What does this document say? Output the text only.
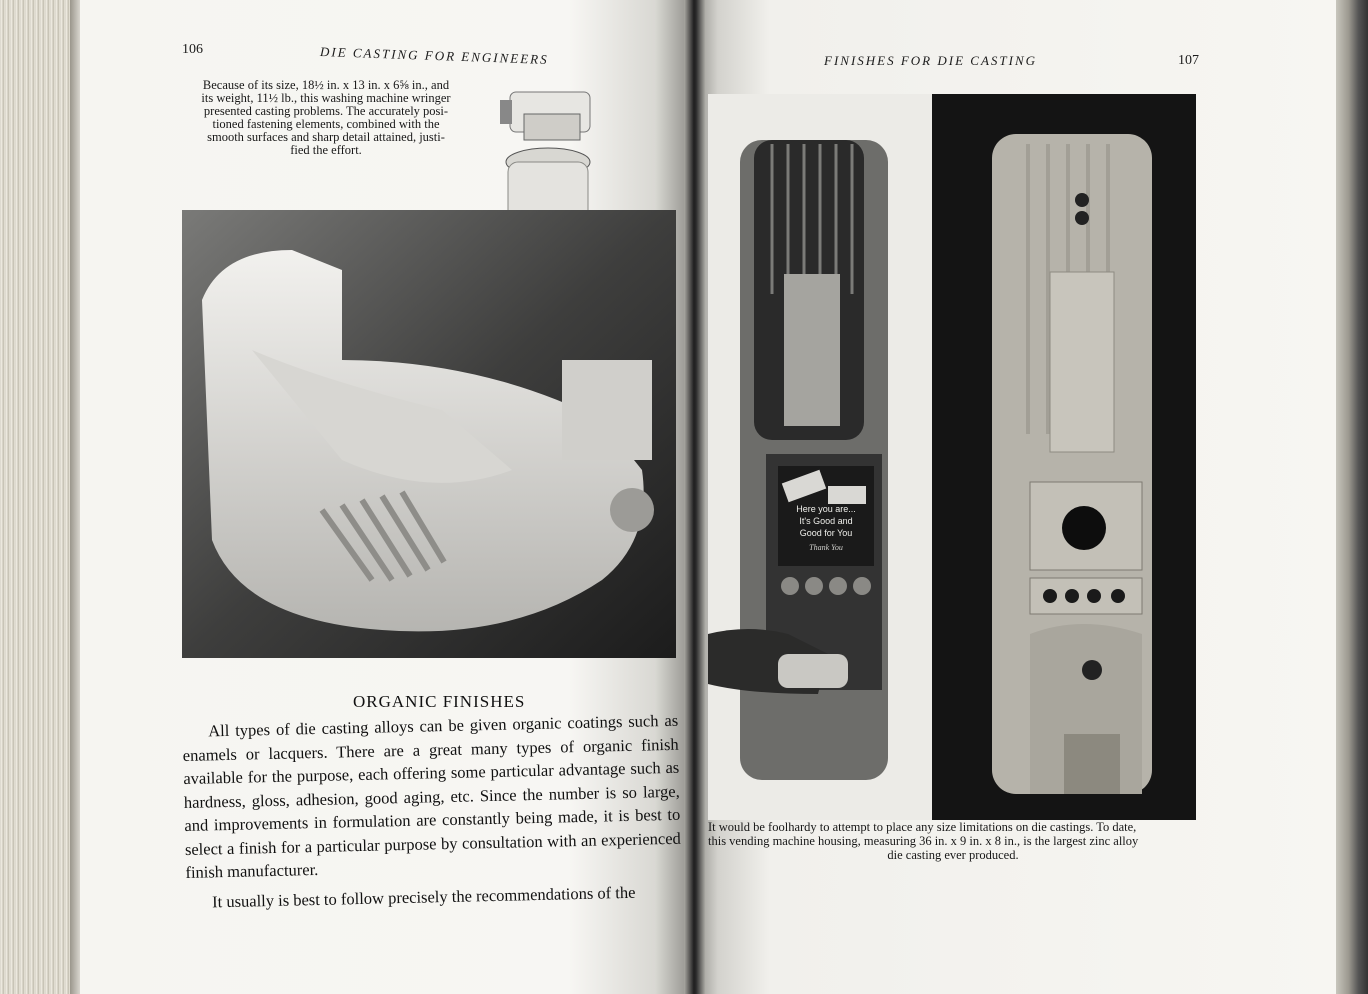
106	DIE CASTING FOR ENGINEERS
Because of its size, 18½ in. x 13 in. x 6⅝ in., and
its weight, 11½ lb., this washing machine wringer
presented casting problems. The accurately posi-
tioned fastening elements, combined with the
smooth surfaces and sharp detail attained, justi-
fied the effort.
ORGANIC FINISHES

All types of die casting alloys can be given organic coatings such as enamels or lacquers. There are a great many types of organic finish available for the purpose, each offering some particular advantage such as hardness, gloss, adhesion, good aging, etc. Since the number is so large, and improvements in formulation are constantly being made, it is best to select a finish for a particular purpose by consultation with an experienced finish manufacturer.

It usually is best to follow precisely the recommendations of the

FINISHES FOR DIE CASTING	107
Here you are...
It's Good and
Good for You
Thank You
It would be foolhardy to attempt to place any size limitations on die castings. To date,
this vending machine housing, measuring 36 in. x 9 in. x 8 in., is the largest zinc alloy
die casting ever produced.
